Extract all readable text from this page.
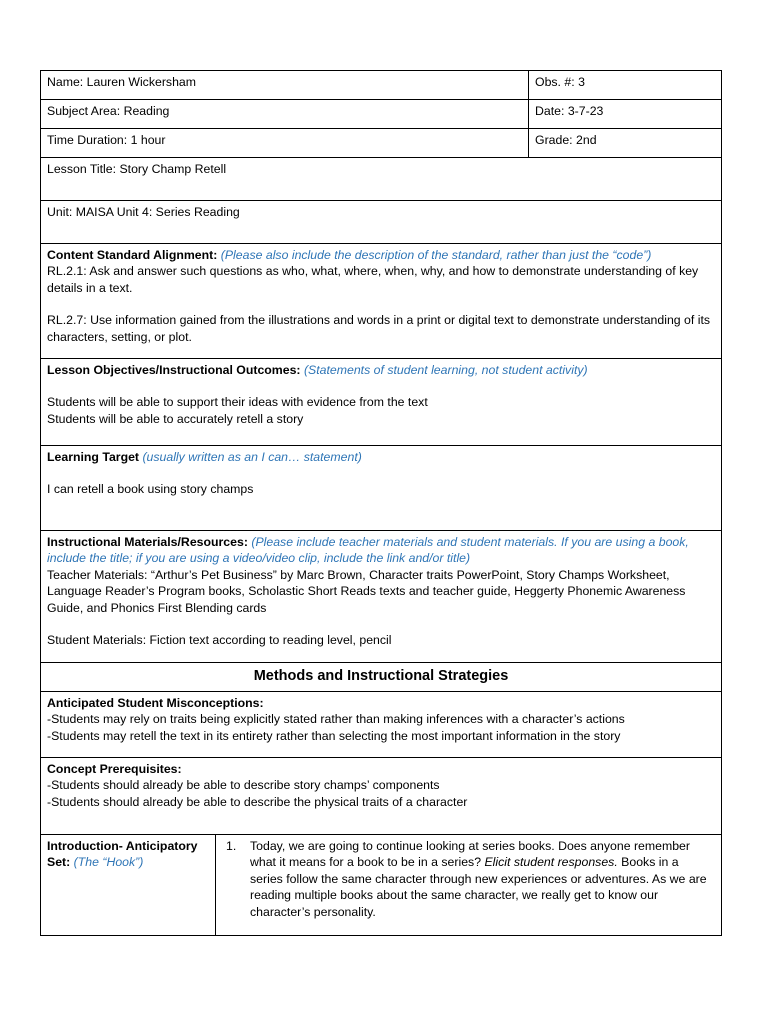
Name: Lauren Wickersham		Obs. #: 3
Subject Area: Reading		Date: 3-7-23
Time Duration: 1 hour		Grade: 2nd
Lesson Title: Story Champ Retell		
Unit: MAISA Unit 4: Series Reading		
Content Standard Alignment: (Please also include the description of the standard, rather than just the “code”)
RL.2.1: Ask and answer such questions as who, what, where, when, why, and how to demonstrate understanding of key details in a text.
RL.2.7: Use information gained from the illustrations and words in a print or digital text to demonstrate understanding of its characters, setting, or plot.		

Lesson Objectives/Instructional Outcomes: (Statements of student learning, not student activity)
Students will be able to support their ideas with evidence from the text
Students will be able to accurately retell a story		

Learning Target (usually written as an I can… statement)
I can retell a book using story champs		

Instructional Materials/Resources: (Please include teacher materials and student materials. If you are using a book, include the title; if you are using a video/video clip, include the link and/or title)
Teacher Materials: “Arthur’s Pet Business” by Marc Brown, Character traits PowerPoint, Story Champs Worksheet, Language Reader’s Program books, Scholastic Short Reads texts and teacher guide, Heggerty Phonemic Awareness Guide, and Phonics First Blending cards
Student Materials: Fiction text according to reading level, pencil		

Methods and Instructional Strategies		

Anticipated Student Misconceptions:
-Students may rely on traits being explicitly stated rather than making inferences with a character’s actions
-Students may retell the text in its entirety rather than selecting the most important information in the story		

Concept Prerequisites:
-Students should already be able to describe story champs’ components
-Students should already be able to describe the physical traits of a character		

Introduction- Anticipatory Set: (The “Hook”)	1. Today, we are going to continue looking at series books. Does anyone remember what it means for a book to be in a series? Elicit student responses. Books in a series follow the same character through new experiences or adventures. As we are reading multiple books about the same character, we really get to know our character’s personality.	
